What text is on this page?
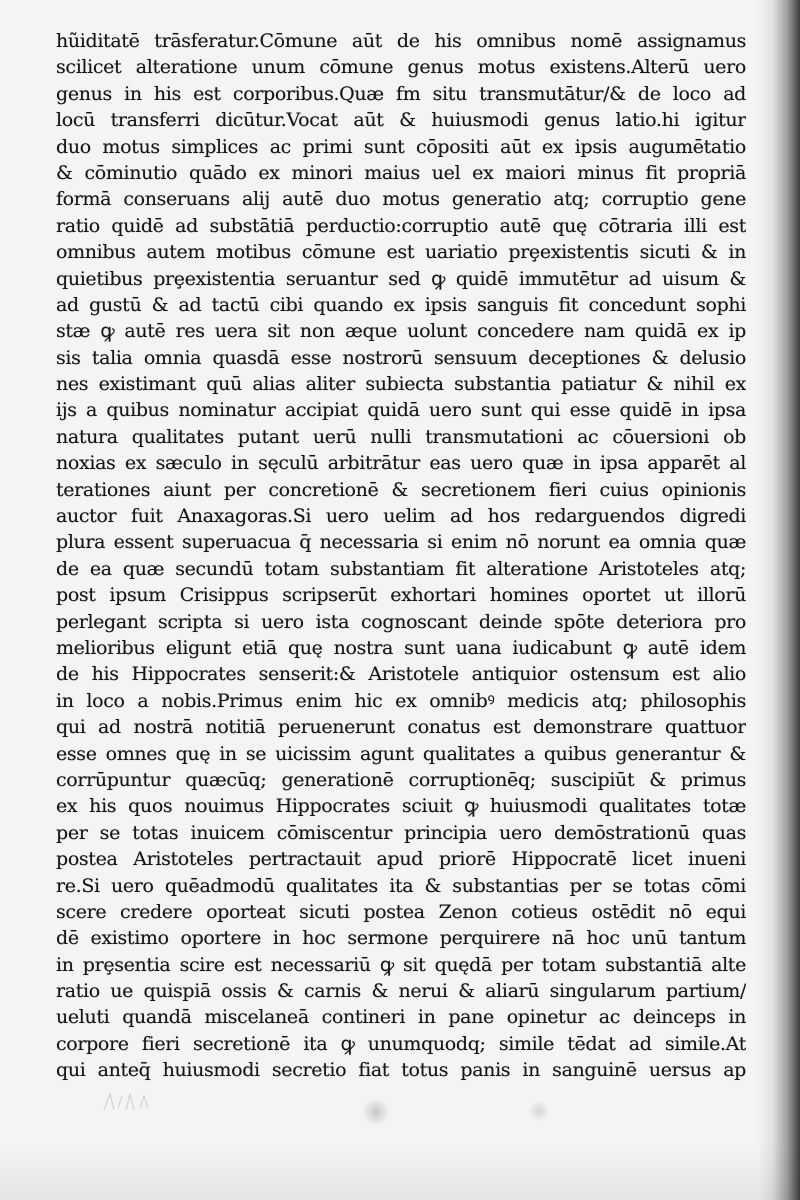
hũiditatē trāsferatur.Cōmune aūt de his omnibus nomē assignamus
scilicet alteratione unum cōmune genus motus existens.Alterū uero
genus in his est corporibus.Quæ fm situ transmutātur/& de loco ad
locū transferri dicūtur.Vocat aūt & huiusmodi genus latio.hi igitur
duo motus simplices ac primi sunt cōpositi aūt ex ipsis augumētatio
& cōminutio quādo ex minori maius uel ex maiori minus fit propriā
formā conseruans alij autē duo motus generatio atq; corruptio gene
ratio quidē ad substātiā perductio:corruptio autē quę cōtraria illi est
omnibus autem motibus cōmune est uariatio prȩexistentis sicuti & in
quietibus prȩexistentia seruantur sed ꝙ quidē immutētur ad uisum &
ad gustū & ad tactū cibi quando ex ipsis sanguis fit concedunt sophi
stæ ꝙ autē res uera sit non æque uolunt concedere nam quidā ex ip
sis talia omnia quasdā esse nostrorū sensuum deceptiones & delusio
nes existimant quū alias aliter subiecta substantia patiatur & nihil ex
ijs a quibus nominatur accipiat quidā uero sunt qui esse quidē in ipsa
natura qualitates putant uerū nulli transmutationi ac cōuersioni ob
noxias ex sæculo in sęculū arbitrātur eas uero quæ in ipsa apparēt al
terationes aiunt per concretionē & secretionem fieri cuius opinionis
auctor fuit Anaxagoras.Si uero uelim ad hos redarguendos digredi
plura essent superuacua q̄ necessaria si enim nō norunt ea omnia quæ
de ea quæ secundū totam substantiam fit alteratione Aristoteles atq;
post ipsum Crisippus scripserūt exhortari homines oportet ut illorū
perlegant scripta si uero ista cognoscant deinde spōte deteriora pro
melioribus eligunt etiā quę nostra sunt uana iudicabunt ꝙ autē idem
de his Hippocrates senserit:& Aristotele antiquior ostensum est alio
in loco a nobis.Primus enim hic ex omnibꝰ medicis atq; philosophis
qui ad nostrā notitiā peruenerunt conatus est demonstrare quattuor
esse omnes quę in se uicissim agunt qualitates a quibus generantur &
corrūpuntur quæcūq; generationē corruptionēq; suscipiūt & primus
ex his quos nouimus Hippocrates sciuit ꝙ huiusmodi qualitates totæ
per se totas inuicem cōmiscentur principia uero demōstrationū quas
postea Aristoteles pertractauit apud priorē Hippocratē licet inueni
re.Si uero quēadmodū qualitates ita & substantias per se totas cōmi
scere credere oporteat sicuti postea Zenon cotieus ostēdit nō equi
dē existimo oportere in hoc sermone perquirere nā hoc unū tantum
in prȩsentia scire est necessariū ꝙ sit quędā per totam substantiā alte
ratio ue quispiā ossis & carnis & nerui & aliarū singularum partium/
ueluti quandā miscelaneā contineri in pane opinetur ac deinceps in
corpore fieri secretionē ita ꝙ unumquodq; simile tēdat ad simile.At
qui anteq̄ huiusmodi secretio fiat totus panis in sanguinē uersus ap
